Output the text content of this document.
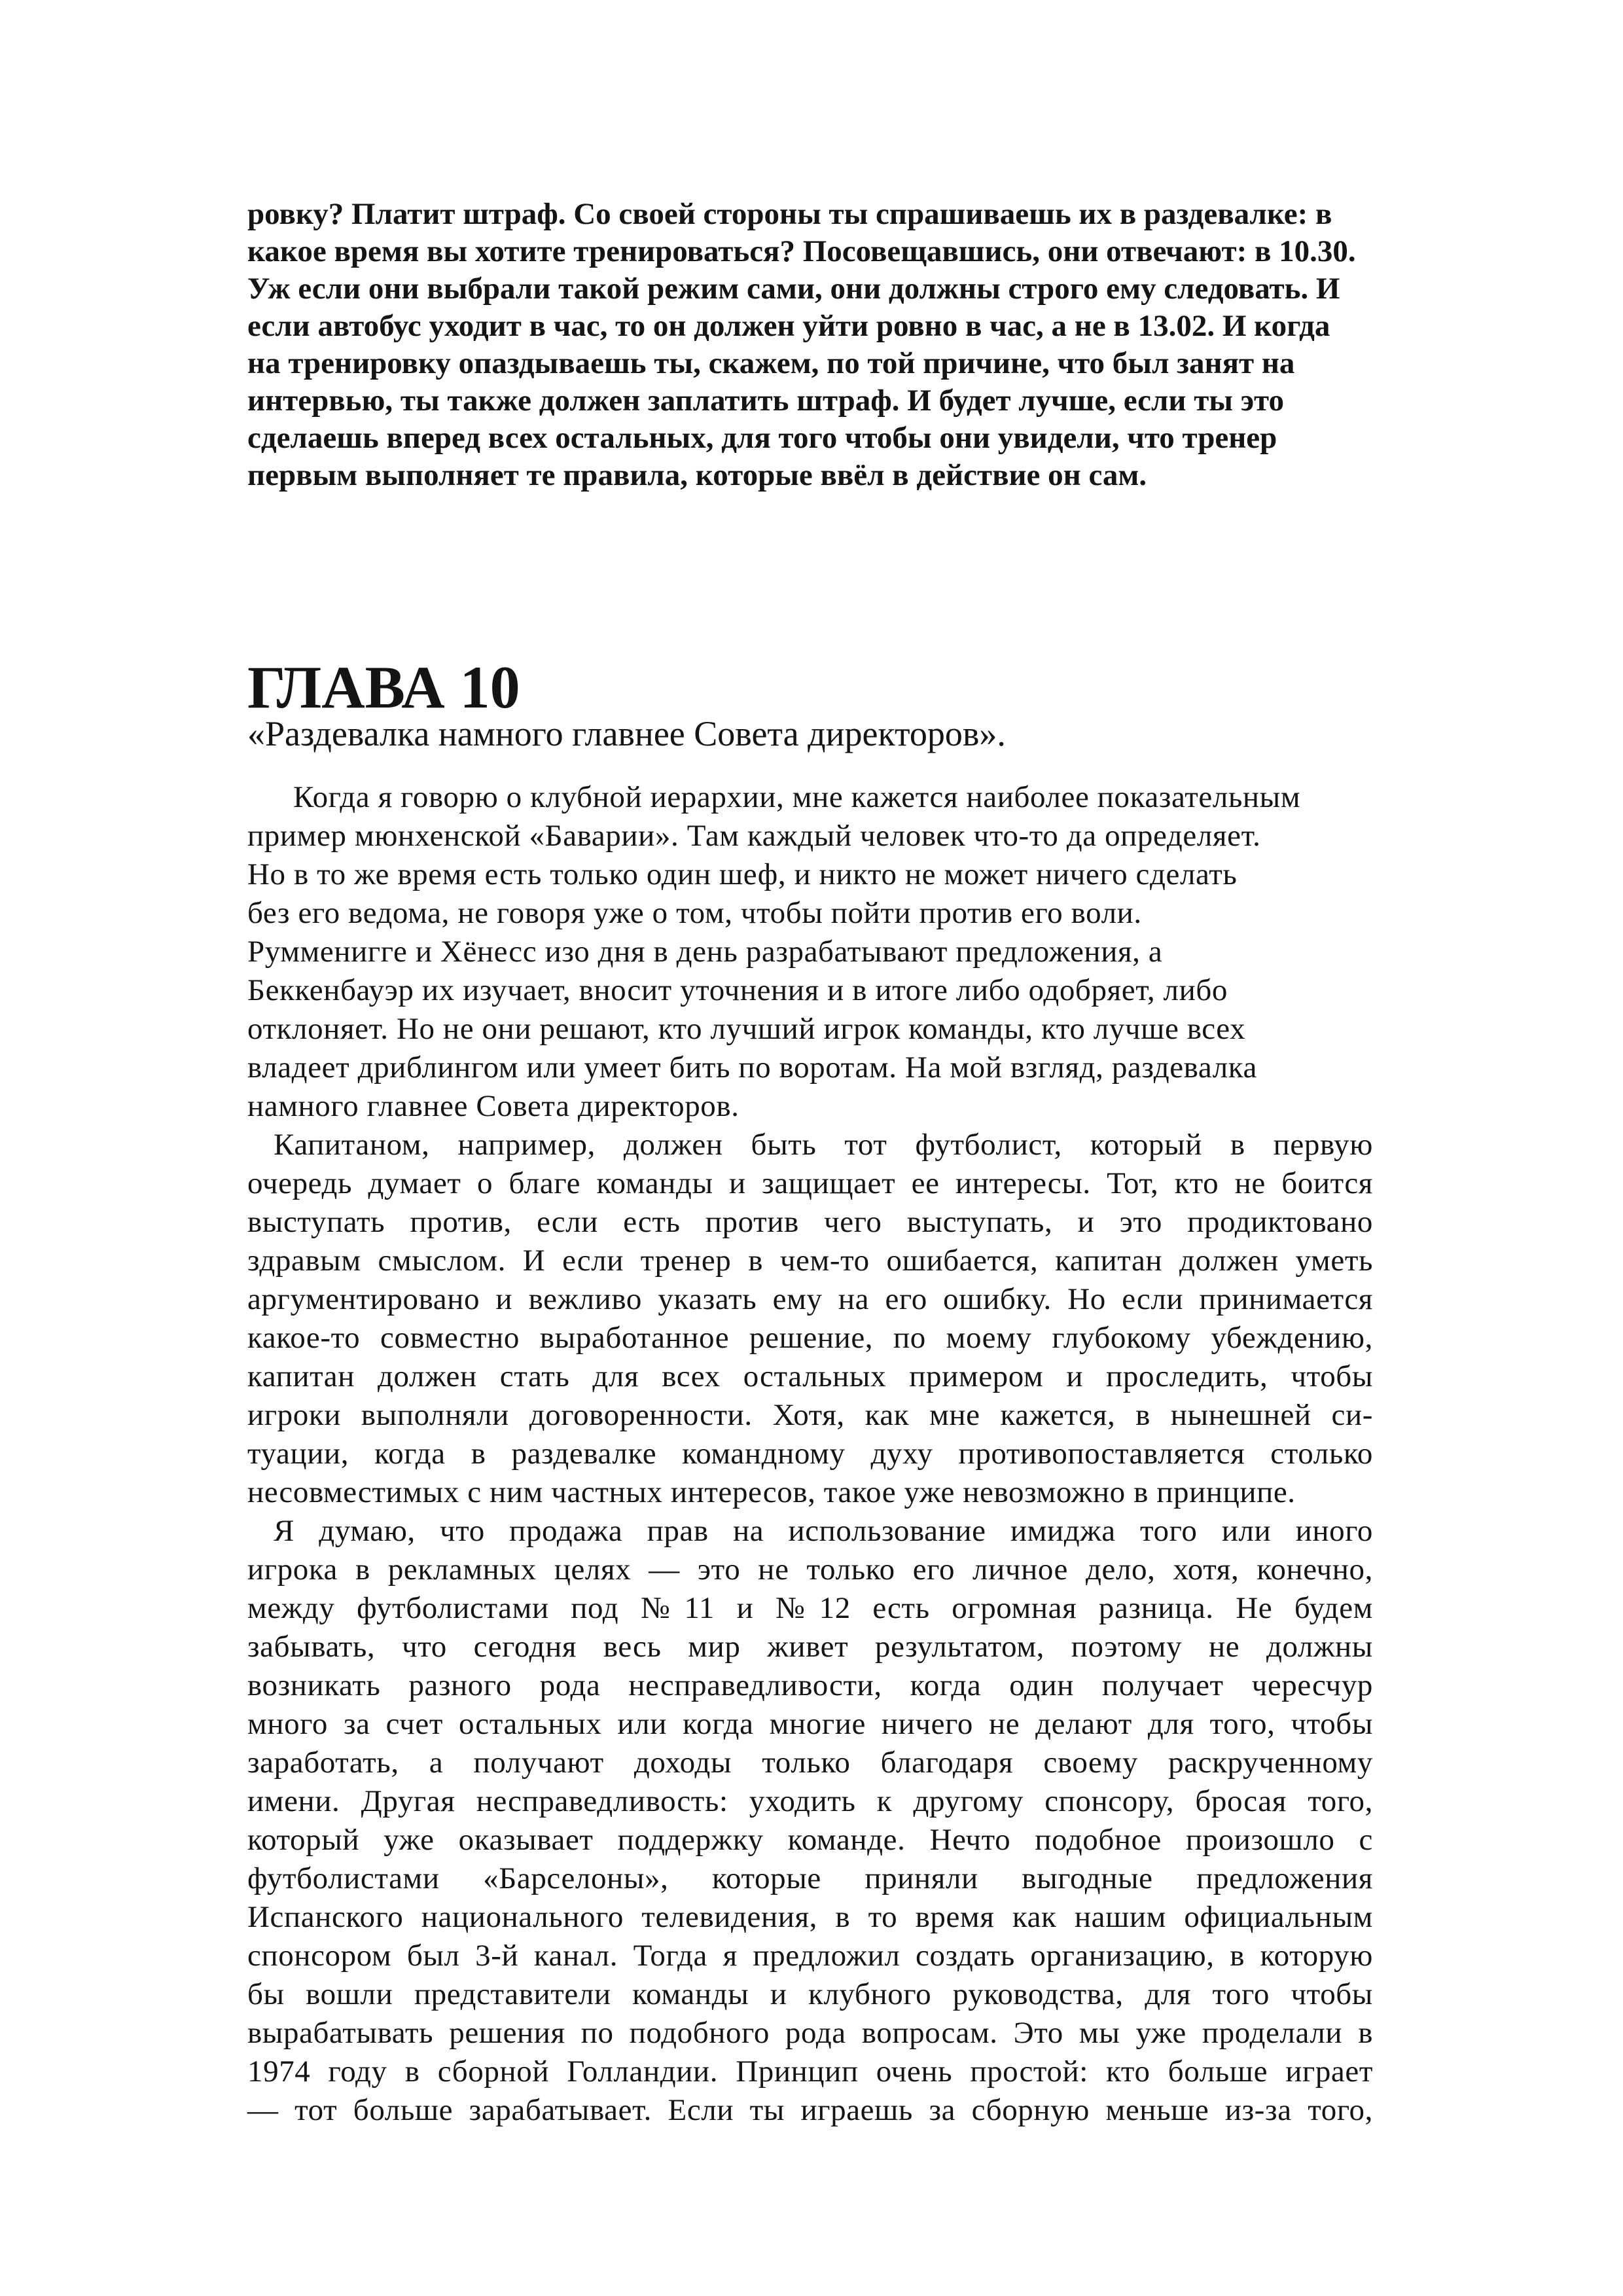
ровку? Платит штраф. Со своей стороны ты спрашиваешь их в раздевалке: в
какое время вы хотите тренироваться? Посовещавшись, они отвечают: в 10.30.
Уж если они выбрали такой режим сами, они должны строго ему следовать. И
если автобус уходит в час, то он должен уйти ровно в час, а не в 13.02. И когда
на тренировку опаздываешь ты, скажем, по той причине, что был занят на
интервью, ты также должен заплатить штраф. И будет лучше, если ты это
сделаешь вперед всех остальных, для того чтобы они увидели, что тренер
первым выполняет те правила, которые ввёл в действие он сам.
ГЛАВА 10
«Раздевалка намного главнее Совета директоров».
Когда я говорю о клубной иерархии, мне кажется наиболее показательным
пример мюнхенской «Баварии». Там каждый человек что-то да определяет.
Но в то же время есть только один шеф, и никто не может ничего сделать
без его ведома, не говоря уже о том, чтобы пойти против его воли.
Румменигге и Хёнесс изо дня в день разрабатывают предложения, а
Беккенбауэр их изучает, вносит уточнения и в итоге либо одобряет, либо
отклоняет. Но не они решают, кто лучший игрок команды, кто лучше всех
владеет дриблингом или умеет бить по воротам. На мой взгляд, раздевалка
намного главнее Совета директоров.
Капитаном, например, должен быть тот футболист, который в первую
очередь думает о благе команды и защищает ее интересы. Тот, кто не боится
выступать против, если есть против чего выступать, и это продиктовано
здравым смыслом. И если тренер в чем-то ошибается, капитан должен уметь
аргументировано и вежливо указать ему на его ошибку. Но если принимается
какое-то совместно выработанное решение, по моему глубокому убеждению,
капитан должен стать для всех остальных примером и проследить, чтобы
игроки выполняли договоренности. Хотя, как мне кажется, в нынешней си-
туации, когда в раздевалке командному духу противопоставляется столько
несовместимых с ним частных интересов, такое уже невозможно в принципе.
Я думаю, что продажа прав на использование имиджа того или иного
игрока в рекламных целях — это не только его личное дело, хотя, конечно,
между футболистами под №11 и №12 есть огромная разница. Не будем
забывать, что сегодня весь мир живет результатом, поэтому не должны
возникать разного рода несправедливости, когда один получает чересчур
много за счет остальных или когда многие ничего не делают для того, чтобы
заработать, а получают доходы только благодаря своему раскрученному
имени. Другая несправедливость: уходить к другому спонсору, бросая того,
который уже оказывает поддержку команде. Нечто подобное произошло с
футболистами «Барселоны», которые приняли выгодные предложения
Испанского национального телевидения, в то время как нашим официальным
спонсором был 3-й канал. Тогда я предложил создать организацию, в которую
бы вошли представители команды и клубного руководства, для того чтобы
вырабатывать решения по подобного рода вопросам. Это мы уже проделали в
1974 году в сборной Голландии. Принцип очень простой: кто больше играет
— тот больше зарабатывает. Если ты играешь за сборную меньше из-за того,
